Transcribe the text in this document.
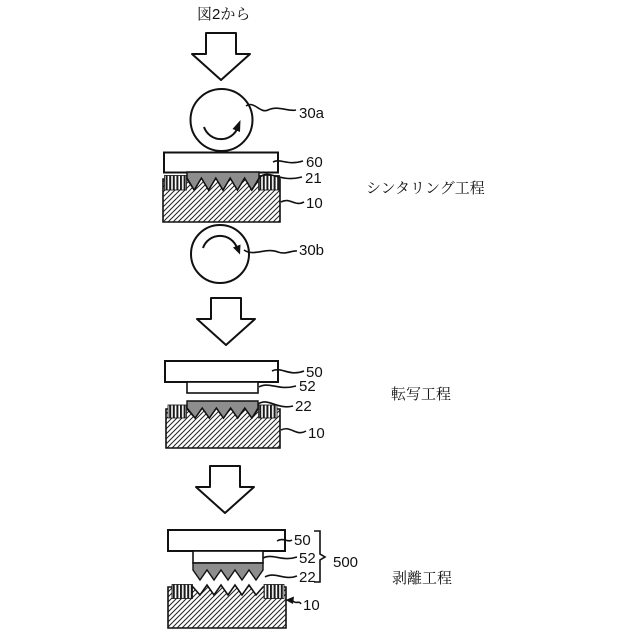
図2から
30a
60
21
10
30b
シンタリング工程
50
52
22
10
転写工程
50
52
22
500
10
剥離工程
